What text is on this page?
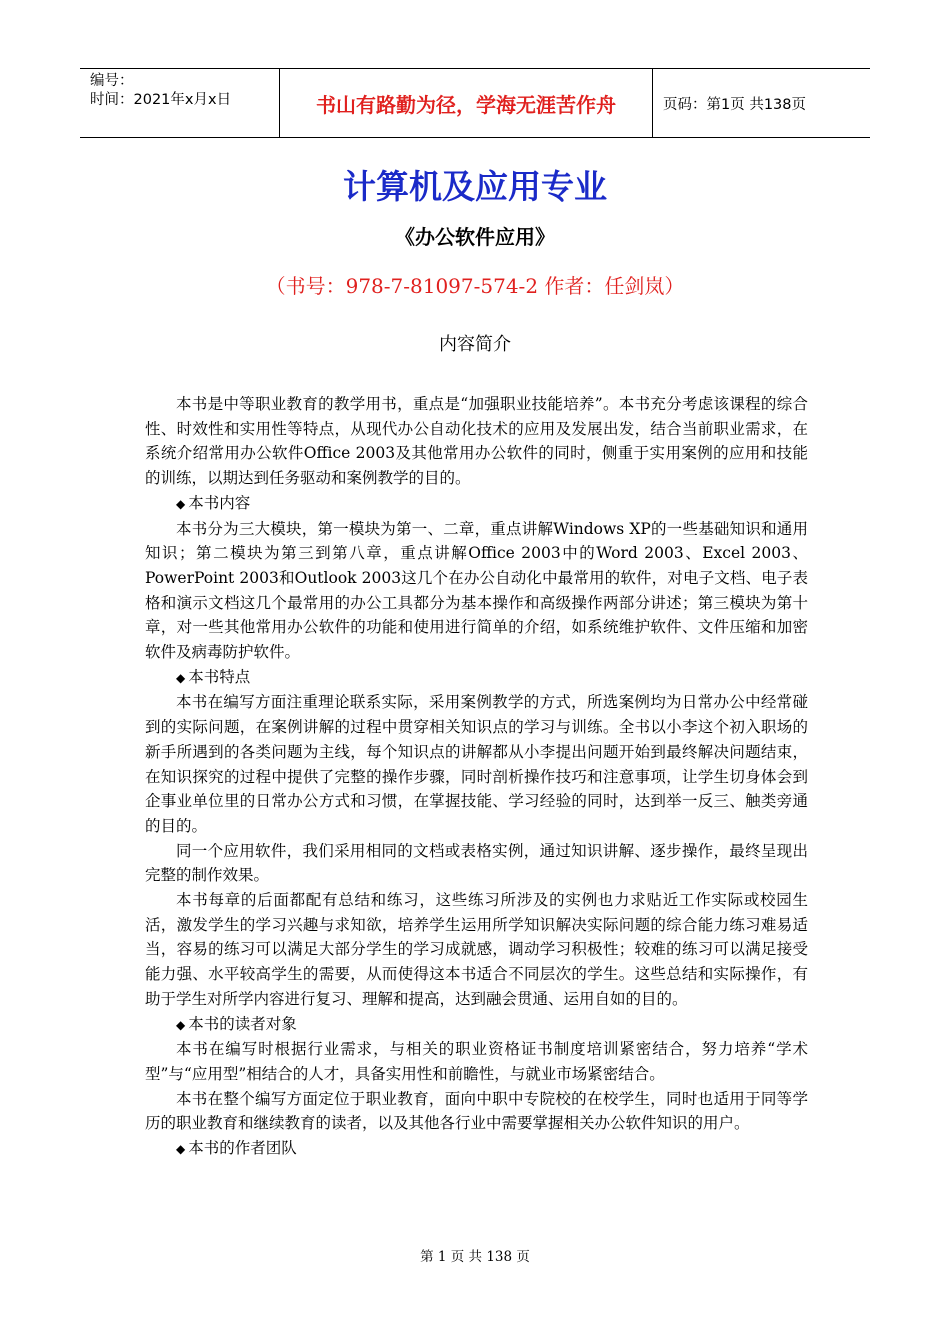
编号：
时间：2021年x月x日	书山有路勤为径，学海无涯苦作舟	页码：第1页 共138页
计算机及应用专业
《办公软件应用》
（书号：978-7-81097-574-2 作者：任剑岚）
内容简介

本书是中等职业教育的教学用书，重点是“加强职业技能培养”。本书充分考虑该课程的综合性、时效性和实用性等特点，从现代办公自动化技术的应用及发展出发，结合当前职业需求，在系统介绍常用办公软件Office 2003及其他常用办公软件的同时，侧重于实用案例的应用和技能的训练，以期达到任务驱动和案例教学的目的。

◆ 本书内容

本书分为三大模块，第一模块为第一、二章，重点讲解Windows XP的一些基础知识和通用知识；第二模块为第三到第八章，重点讲解Office 2003中的Word 2003、Excel 2003、PowerPoint 2003和Outlook 2003这几个在办公自动化中最常用的软件，对电子文档、电子表格和演示文档这几个最常用的办公工具都分为基本操作和高级操作两部分讲述；第三模块为第十章，对一些其他常用办公软件的功能和使用进行简单的介绍，如系统维护软件、文件压缩和加密软件及病毒防护软件。

◆ 本书特点

本书在编写方面注重理论联系实际，采用案例教学的方式，所选案例均为日常办公中经常碰到的实际问题，在案例讲解的过程中贯穿相关知识点的学习与训练。全书以小李这个初入职场的新手所遇到的各类问题为主线，每个知识点的讲解都从小李提出问题开始到最终解决问题结束，在知识探究的过程中提供了完整的操作步骤，同时剖析操作技巧和注意事项，让学生切身体会到企事业单位里的日常办公方式和习惯，在掌握技能、学习经验的同时，达到举一反三、触类旁通的目的。

同一个应用软件，我们采用相同的文档或表格实例，通过知识讲解、逐步操作，最终呈现出完整的制作效果。

本书每章的后面都配有总结和练习，这些练习所涉及的实例也力求贴近工作实际或校园生活，激发学生的学习兴趣与求知欲，培养学生运用所学知识解决实际问题的综合能力练习难易适当，容易的练习可以满足大部分学生的学习成就感，调动学习积极性；较难的练习可以满足接受能力强、水平较高学生的需要，从而使得这本书适合不同层次的学生。这些总结和实际操作，有助于学生对所学内容进行复习、理解和提高，达到融会贯通、运用自如的目的。

◆ 本书的读者对象

本书在编写时根据行业需求，与相关的职业资格证书制度培训紧密结合，努力培养“学术型”与“应用型”相结合的人才，具备实用性和前瞻性，与就业市场紧密结合。

本书在整个编写方面定位于职业教育，面向中职中专院校的在校学生，同时也适用于同等学历的职业教育和继续教育的读者，以及其他各行业中需要掌握相关办公软件知识的用户。

◆ 本书的作者团队

第 1 页 共 138 页
